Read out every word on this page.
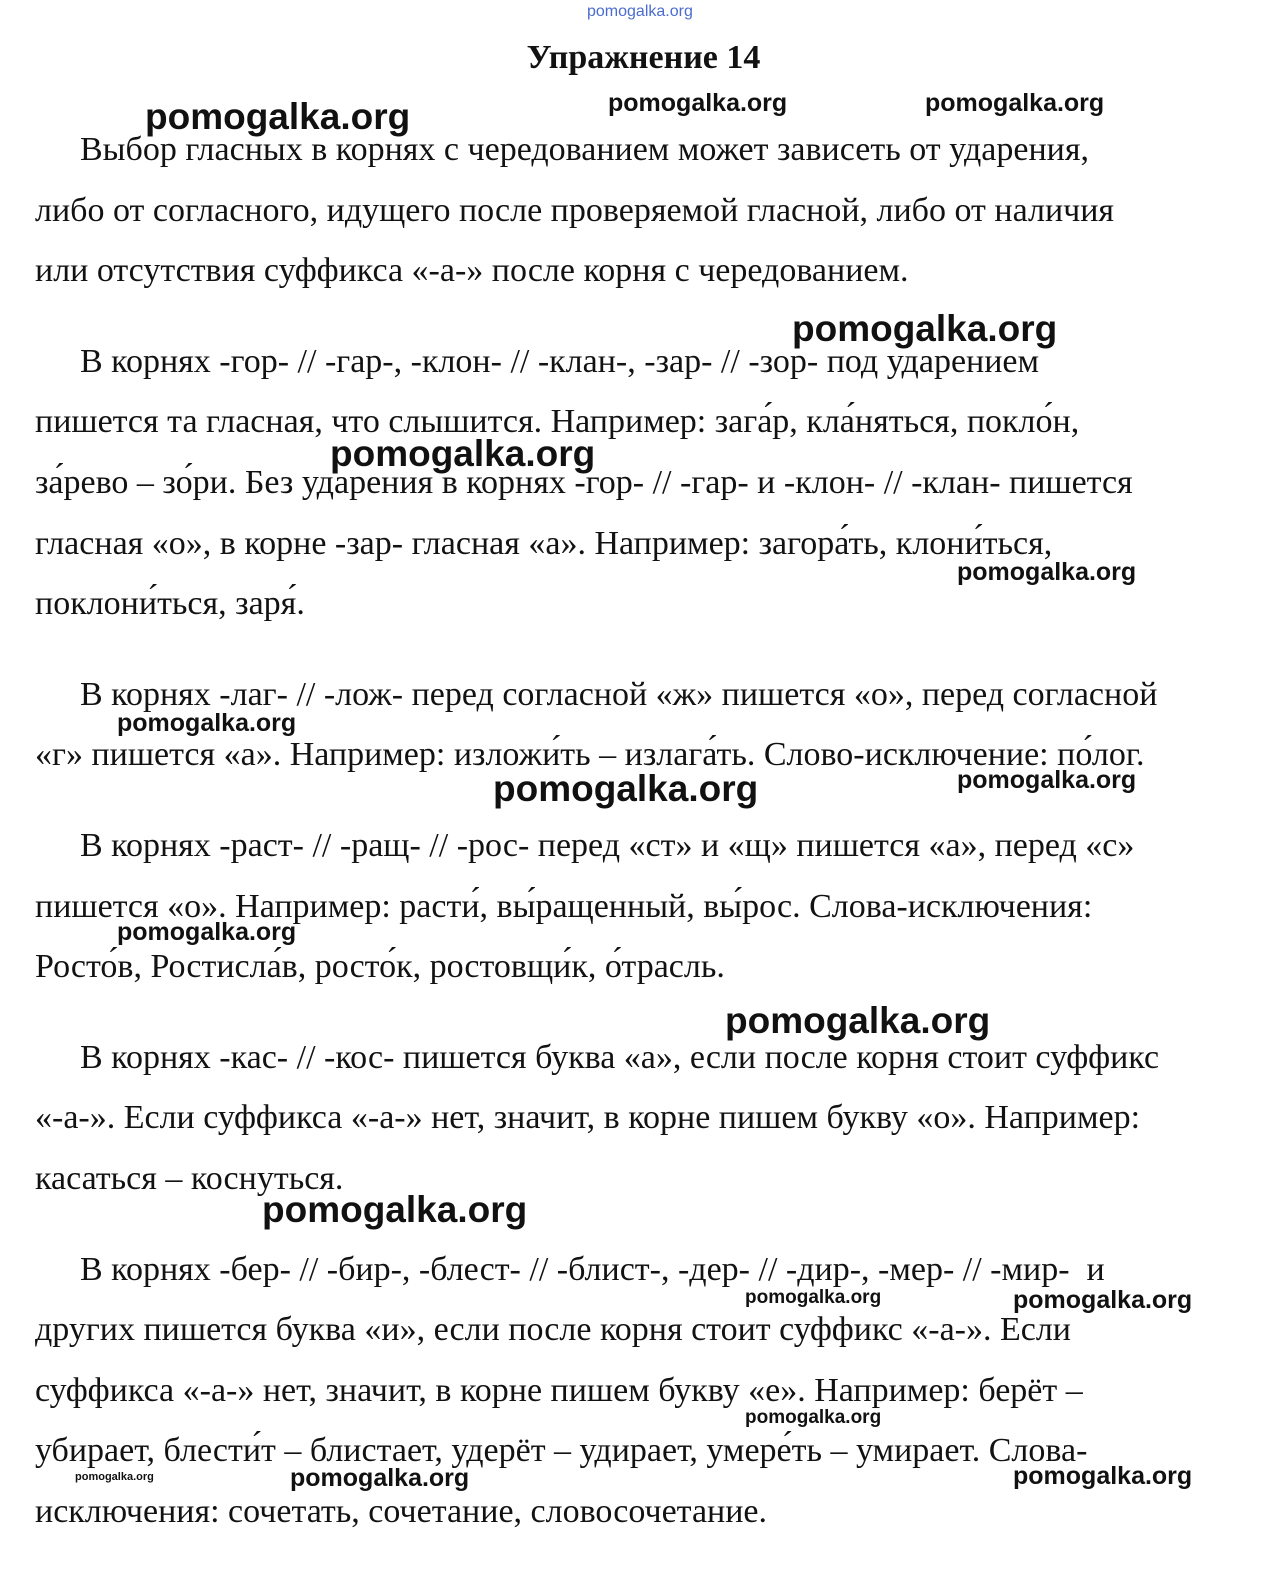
Упражнение 14
Выбор гласных в корнях с чередованием может зависеть от ударения,
либо от согласного, идущего после проверяемой гласной, либо от наличия
или отсутствия суффикса «-а-» после корня с чередованием.
В корнях -гор- // -гар-, -клон- // -клан-, -зар- // -зор- под ударением
пишется та гласная, что слышится. Например: зага́р, кла́няться, покло́н,
за́рево – зо́ри. Без ударения в корнях -гор- // -гар- и -клон- // -клан- пишется
гласная «о», в корне -зар- гласная «а». Например: загора́ть, клони́ться,
поклони́ться, заря́.
В корнях -лаг- // -лож- перед согласной «ж» пишется «о», перед согласной
«г» пишется «а». Например: изложи́ть – излага́ть. Слово-исключение: по́лог.
В корнях -раст- // -ращ- // -рос- перед «ст» и «щ» пишется «а», перед «с»
пишется «о». Например: расти́, вы́ращенный, вы́рос. Слова-исключения:
Росто́в, Ростисла́в, росто́к, ростовщи́к, о́трасль.
В корнях -кас- // -кос- пишется буква «а», если после корня стоит суффикс
«-а-». Если суффикса «-а-» нет, значит, в корне пишем букву «о». Например:
касаться – коснуться.
В корнях -бер- // -бир-, -блест- // -блист-, -дер- // -дир-, -мер- // -мир-  и
других пишется буква «и», если после корня стоит суффикс «-а-». Если
суффикса «-а-» нет, значит, в корне пишем букву «е». Например: берёт –
убирает, блести́т – блистает, удерёт – удирает, умере́ть – умирает. Слова-
исключения: сочетать, сочетание, словосочетание.
pomogalka.org
pomogalka.org	pomogalka.org	pomogalka.org
pomogalka.org
pomogalka.org
pomogalka.org
pomogalka.org
pomogalka.org
pomogalka.org
pomogalka.org
pomogalka.org
pomogalka.org
pomogalka.org	pomogalka.org
pomogalka.org
pomogalka.org	pomogalka.org	pomogalka.org
